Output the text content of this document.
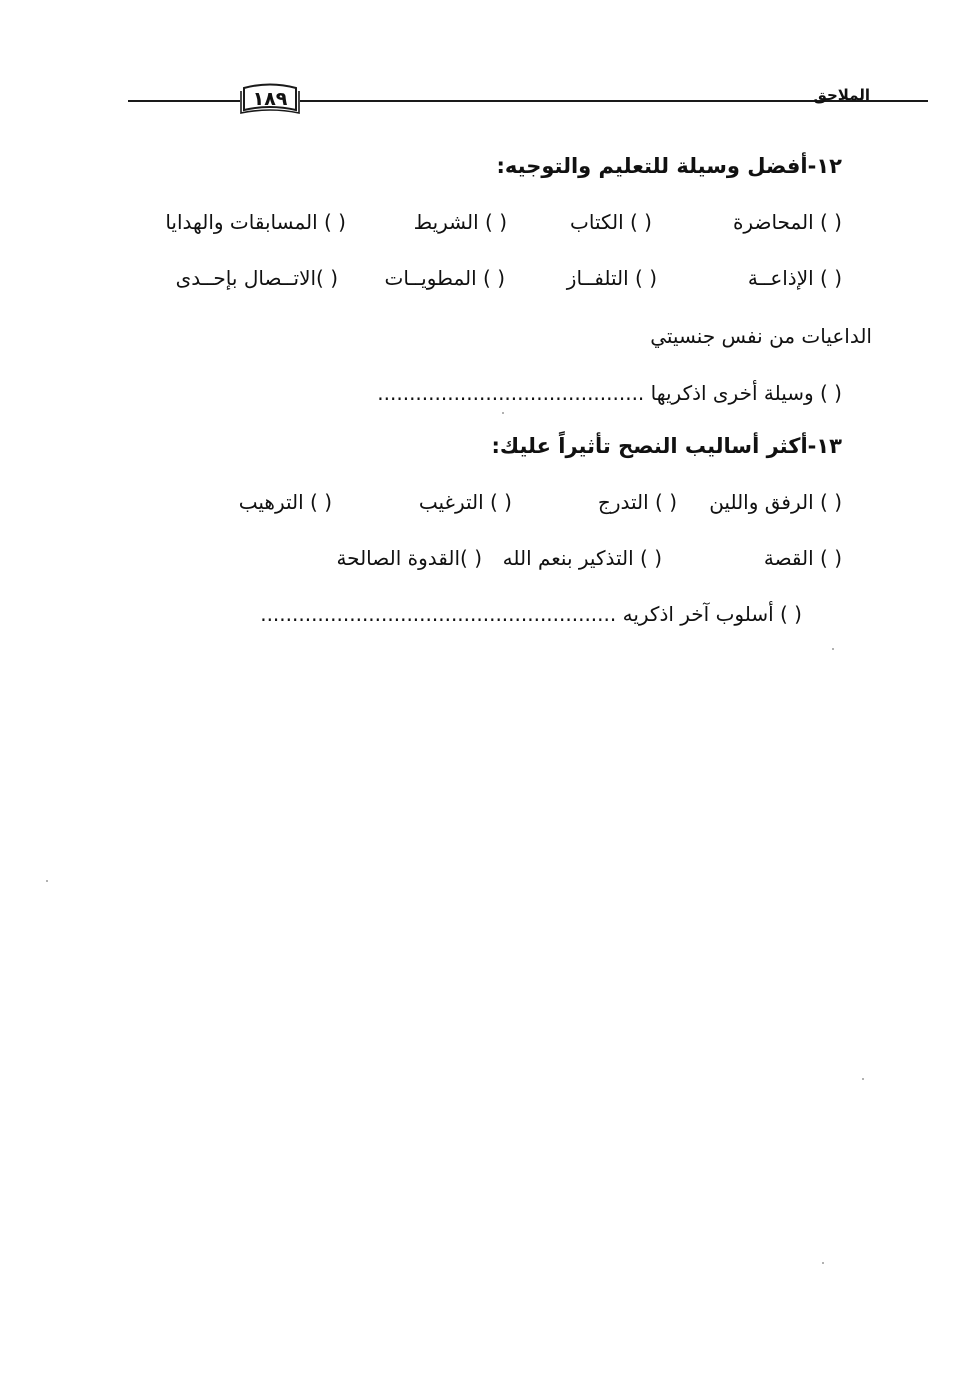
١٨٩	الملاحق
١٢-أفضل وسيلة للتعليم والتوجيه:
( ) المحاضرة
( ) الكتاب
( ) الشريط
( ) المسابقات والهدايا
( ) الإذاعــة
( ) التلفــاز
( ) المطويــات
( )الاتــصال بإحــدى
الداعيات من نفس جنسيتي
( ) وسيلة أخرى اذكريها ..........................................
١٣-أكثر أساليب النصح تأثيراً عليك:
( ) الرفق واللين
( ) التدرج
( ) الترغيب
( ) الترهيب
( ) القصة
( ) التذكير بنعم الله
( )القدوة الصالحة
( ) أسلوب آخر اذكريه ........................................................
